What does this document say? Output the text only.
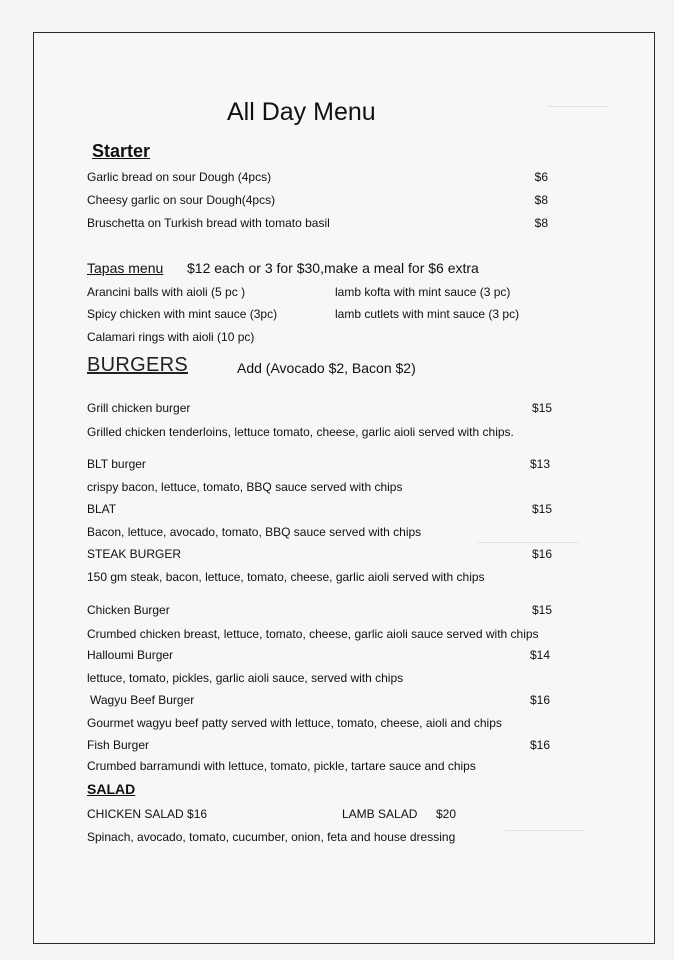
All Day Menu
Starter
Garlic bread on sour Dough (4pcs)	$6
Cheesy garlic on sour Dough(4pcs)	$8
Bruschetta on Turkish bread with tomato basil	$8
Tapas menu $12 each or 3 for $30,make a meal for $6 extra
Arancini balls with aioli (5 pc )	lamb kofta with mint sauce (3 pc)
Spicy chicken with mint sauce (3pc)	lamb cutlets with mint sauce (3 pc)
Calamari rings with aioli (10 pc)
BURGERS	Add (Avocado $2, Bacon $2)
Grill chicken burger	$15
Grilled chicken tenderloins, lettuce tomato, cheese, garlic aioli served with chips.
BLT burger	$13
crispy bacon, lettuce, tomato, BBQ sauce served with chips
BLAT	$15
Bacon, lettuce, avocado, tomato, BBQ sauce served with chips
STEAK BURGER	$16
150 gm steak, bacon, lettuce, tomato, cheese, garlic aioli served with chips
Chicken Burger	$15
Crumbed chicken breast, lettuce, tomato, cheese, garlic aioli sauce served with chips
Halloumi Burger	$14
lettuce, tomato, pickles, garlic aioli sauce, served with chips
Wagyu Beef Burger	$16
Gourmet wagyu beef patty served with lettuce, tomato, cheese, aioli and chips
Fish Burger	$16
Crumbed barramundi with lettuce, tomato, pickle, tartare sauce and chips
SALAD
CHICKEN SALAD $16	LAMB SALAD $20
Spinach, avocado, tomato, cucumber, onion, feta and house dressing
